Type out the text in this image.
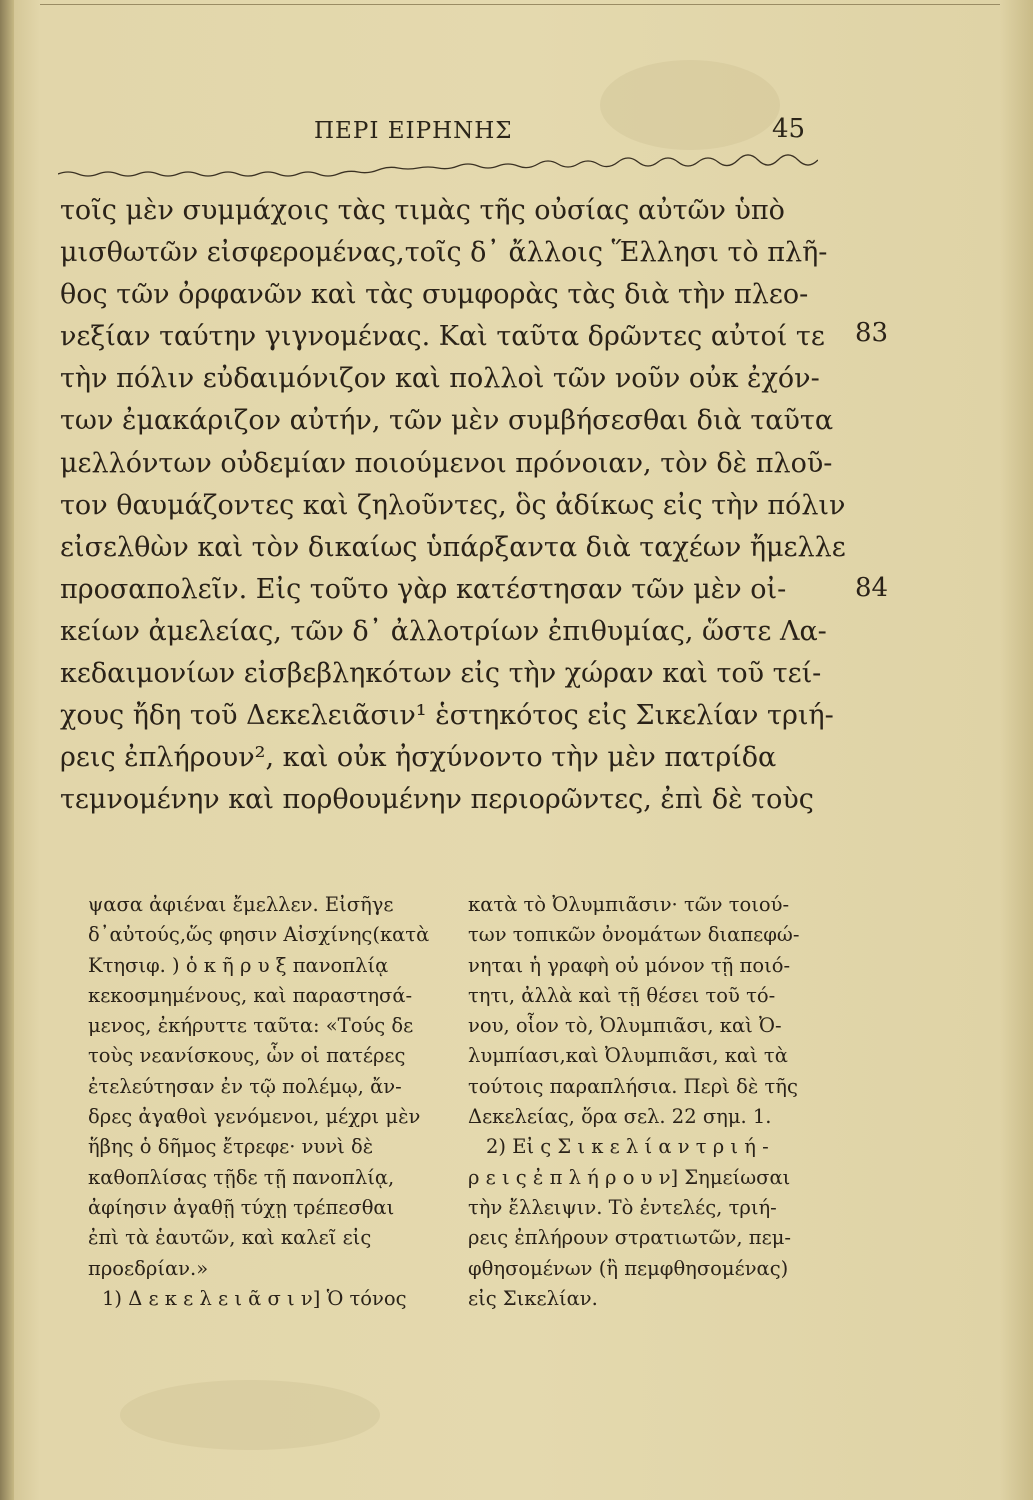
ΠΕΡΙ ΕΙΡΗΝΗΣ	45
τοῖς μὲν συμμάχοις τὰς τιμὰς τῆς οὐσίας αὐτῶν ὑπὸ
μισθωτῶν εἰσφερομένας,τοῖς δ᾽ ἄλλοις Ἕλλησι τὸ πλῆ-
θος τῶν ὀρφανῶν καὶ τὰς συμφορὰς τὰς διὰ τὴν πλεο-
νεξίαν ταύτην γιγνομένας. Καὶ ταῦτα δρῶντες αὐτοί τε 83
τὴν πόλιν εὐδαιμόνιζον καὶ πολλοὶ τῶν νοῦν οὐκ ἐχόν-
των ἐμακάριζον αὐτήν, τῶν μὲν συμβήσεσθαι διὰ ταῦτα
μελλόντων οὐδεμίαν ποιούμενοι πρόνοιαν, τὸν δὲ πλοῦ-
τον θαυμάζοντες καὶ ζηλοῦντες, ὃς ἀδίκως εἰς τὴν πόλιν
εἰσελθὼν καὶ τὸν δικαίως ὑπάρξαντα διὰ ταχέων ἤμελλε
προσαπολεῖν. Εἰς τοῦτο γὰρ κατέστησαν τῶν μὲν οἰ-	84
κείων ἀμελείας, τῶν δ᾽ ἀλλοτρίων ἐπιθυμίας, ὥστε Λα-
κεδαιμονίων εἰσβεβληκότων εἰς τὴν χώραν καὶ τοῦ τεί-
χους ἤδη τοῦ Δεκελειᾶσιν¹ ἑστηκότος εἰς Σικελίαν τριή-
ρεις ἐπλήρουν², καὶ οὐκ ἠσχύνοντο τὴν μὲν πατρίδα
τεμνομένην καὶ πορθουμένην περιορῶντες, ἐπὶ δὲ τοὺς
ψασα ἀφιέναι ἔμελλεν. Εἰσῆγε
δ᾽αὐτούς,ὥς φησιν Αἰσχίνης(κατὰ
Κτησιφ. ) ὁ κ ῆ ρ υ ξ πανοπλίᾳ
κεκοσμημένους, καὶ παραστησά-
μενος, ἐκήρυττε ταῦτα: «Τούς δε
τοὺς νεανίσκους, ὧν οἱ πατέρες
ἐτελεύτησαν ἐν τῷ πολέμῳ, ἄν-
δρες ἀγαθοὶ γενόμενοι, μέχρι μὲν
ἥβης ὁ δῆμος ἔτρεφε· νυνὶ δὲ
καθοπλίσας τῇδε τῇ πανοπλίᾳ,
ἀφίησιν ἀγαθῇ τύχῃ τρέπεσθαι
ἐπὶ τὰ ἑαυτῶν, καὶ καλεῖ εἰς
προεδρίαν.»
1) Δ ε κ ε λ ε ι ᾶ σ ι ν] Ὁ τόνος
κατὰ τὸ Ὀλυμπιᾶσιν· τῶν τοιού-
των τοπικῶν ὀνομάτων διαπεφώ-
νηται ἡ γραφὴ οὐ μόνον τῇ ποιό-
τητι, ἀλλὰ καὶ τῇ θέσει τοῦ τό-
νου, οἷον τὸ, Ὀλυμπιᾶσι, καὶ Ὀ-
λυμπίασι,καὶ Ὀλυμπιᾶσι, καὶ τὰ
τούτοις παραπλήσια. Περὶ δὲ τῆς
Δεκελείας, ὅρα σελ. 22 σημ. 1.
2) Εἰ ς Σ ι κ ε λ ί α ν τ ρ ι ή -
ρ ε ι ς ἐ π λ ή ρ ο υ ν] Σημείωσαι
τὴν ἔλλειψιν. Τὸ ἐντελές, τριή-
ρεις ἐπλήρουν στρατιωτῶν, πεμ-
φθησομένων (ἢ πεμφθησομένας)
εἰς Σικελίαν.
